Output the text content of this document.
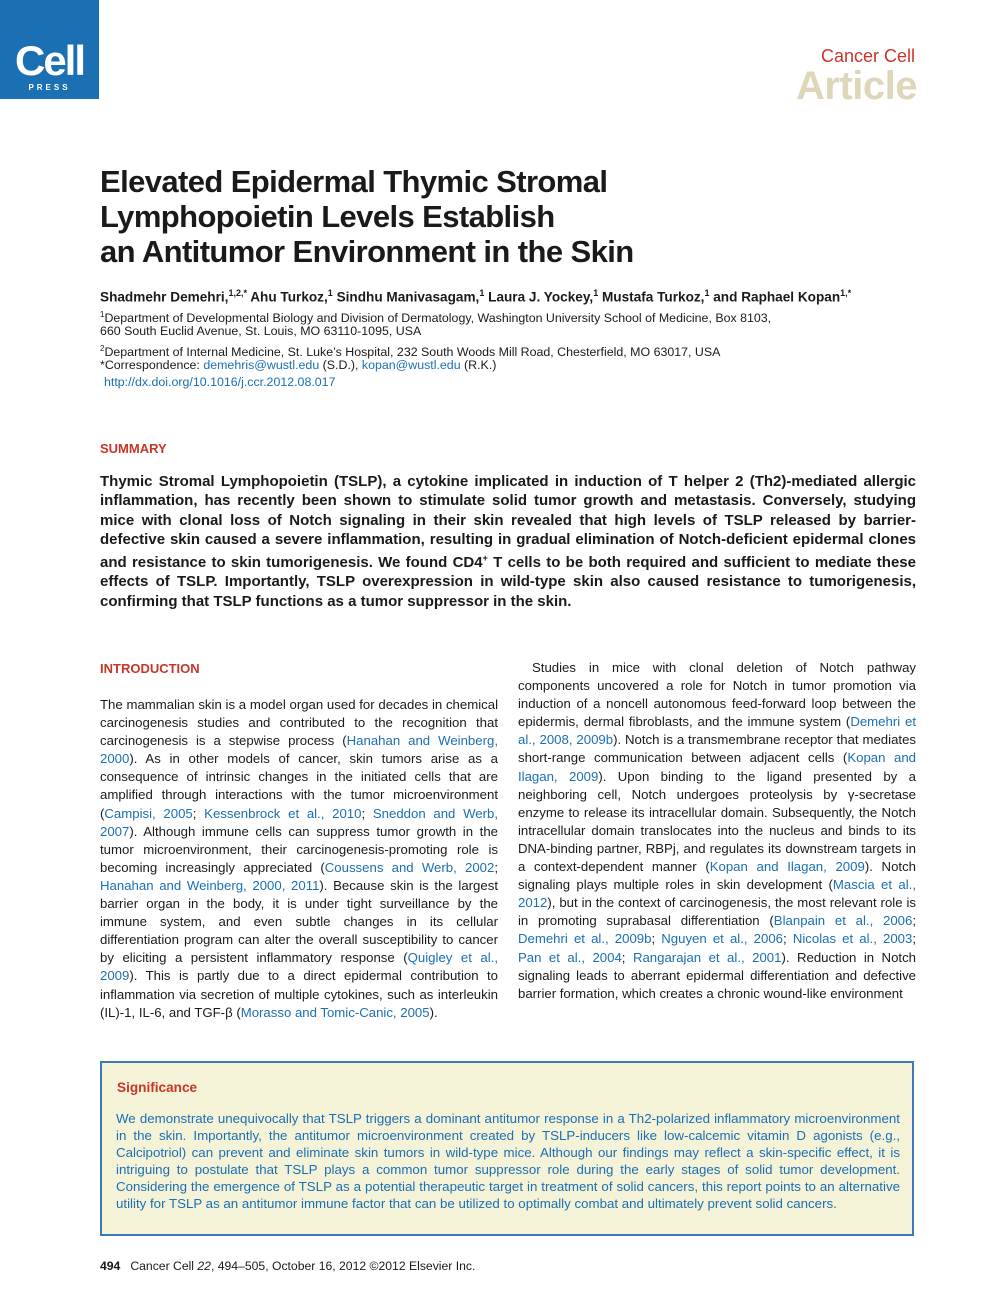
Cell
PRESS
Cancer Cell
Article
Elevated Epidermal Thymic Stromal
Lymphopoietin Levels Establish
an Antitumor Environment in the Skin
Shadmehr Demehri,$^{1,2,*}$ Ahu Turkoz,$^1$ Sindhu Manivasagam,$^1$ Laura J. Yockey,$^1$ Mustafa Turkoz,$^1$ and Raphael Kopan$^{1,*}$
$^1$Department of Developmental Biology and Division of Dermatology, Washington University School of Medicine, Box 8103,
660 South Euclid Avenue, St. Louis, MO 63110-1095, USA
$^2$Department of Internal Medicine, St. Luke’s Hospital, 232 South Woods Mill Road, Chesterfield, MO 63017, USA
*Correspondence: demehris@wustl.edu (S.D.), kopan@wustl.edu (R.K.)
http://dx.doi.org/10.1016/j.ccr.2012.08.017
SUMMARY
Thymic Stromal Lymphopoietin (TSLP), a cytokine implicated in induction of T helper 2 (Th2)-mediated allergic inflammation, has recently been shown to stimulate solid tumor growth and metastasis. Conversely, studying mice with clonal loss of Notch signaling in their skin revealed that high levels of TSLP released by barrier-defective skin caused a severe inflammation, resulting in gradual elimination of Notch-deficient epidermal clones and resistance to skin tumorigenesis. We found CD4+ T cells to be both required and sufficient to mediate these effects of TSLP. Importantly, TSLP overexpression in wild-type skin also caused resistance to tumorigenesis, confirming that TSLP functions as a tumor suppressor in the skin.
INTRODUCTION
The mammalian skin is a model organ used for decades in chemical carcinogenesis studies and contributed to the recognition that carcinogenesis is a stepwise process (Hanahan and Weinberg, 2000). As in other models of cancer, skin tumors arise as a consequence of intrinsic changes in the initiated cells that are amplified through interactions with the tumor microenvironment (Campisi, 2005; Kessenbrock et al., 2010; Sneddon and Werb, 2007). Although immune cells can suppress tumor growth in the tumor microenvironment, their carcinogenesis-promoting role is becoming increasingly appreciated (Coussens and Werb, 2002; Hanahan and Weinberg, 2000, 2011). Because skin is the largest barrier organ in the body, it is under tight surveillance by the immune system, and even subtle changes in its cellular differentiation program can alter the overall susceptibility to cancer by eliciting a persistent inflammatory response (Quigley et al., 2009). This is partly due to a direct epidermal contribution to inflammation via secretion of multiple cytokines, such as interleukin (IL)-1, IL-6, and TGF-β (Morasso and Tomic-Canic, 2005).
Studies in mice with clonal deletion of Notch pathway components uncovered a role for Notch in tumor promotion via induction of a noncell autonomous feed-forward loop between the epidermis, dermal fibroblasts, and the immune system (Demehri et al., 2008, 2009b). Notch is a transmembrane receptor that mediates short-range communication between adjacent cells (Kopan and Ilagan, 2009). Upon binding to the ligand presented by a neighboring cell, Notch undergoes proteolysis by γ-secretase enzyme to release its intracellular domain. Subsequently, the Notch intracellular domain translocates into the nucleus and binds to its DNA-binding partner, RBPj, and regulates its downstream targets in a context-dependent manner (Kopan and Ilagan, 2009). Notch signaling plays multiple roles in skin development (Mascia et al., 2012), but in the context of carcinogenesis, the most relevant role is in promoting suprabasal differentiation (Blanpain et al., 2006; Demehri et al., 2009b; Nguyen et al., 2006; Nicolas et al., 2003; Pan et al., 2004; Rangarajan et al., 2001). Reduction in Notch signaling leads to aberrant epidermal differentiation and defective barrier formation, which creates a chronic wound-like environment
Significance
We demonstrate unequivocally that TSLP triggers a dominant antitumor response in a Th2-polarized inflammatory microenvironment in the skin. Importantly, the antitumor microenvironment created by TSLP-inducers like low-calcemic vitamin D agonists (e.g., Calcipotriol) can prevent and eliminate skin tumors in wild-type mice. Although our findings may reflect a skin-specific effect, it is intriguing to postulate that TSLP plays a common tumor suppressor role during the early stages of solid tumor development. Considering the emergence of TSLP as a potential therapeutic target in treatment of solid cancers, this report points to an alternative utility for TSLP as an antitumor immune factor that can be utilized to optimally combat and ultimately prevent solid cancers.
494 Cancer Cell 22, 494–505, October 16, 2012 ©2012 Elsevier Inc.
